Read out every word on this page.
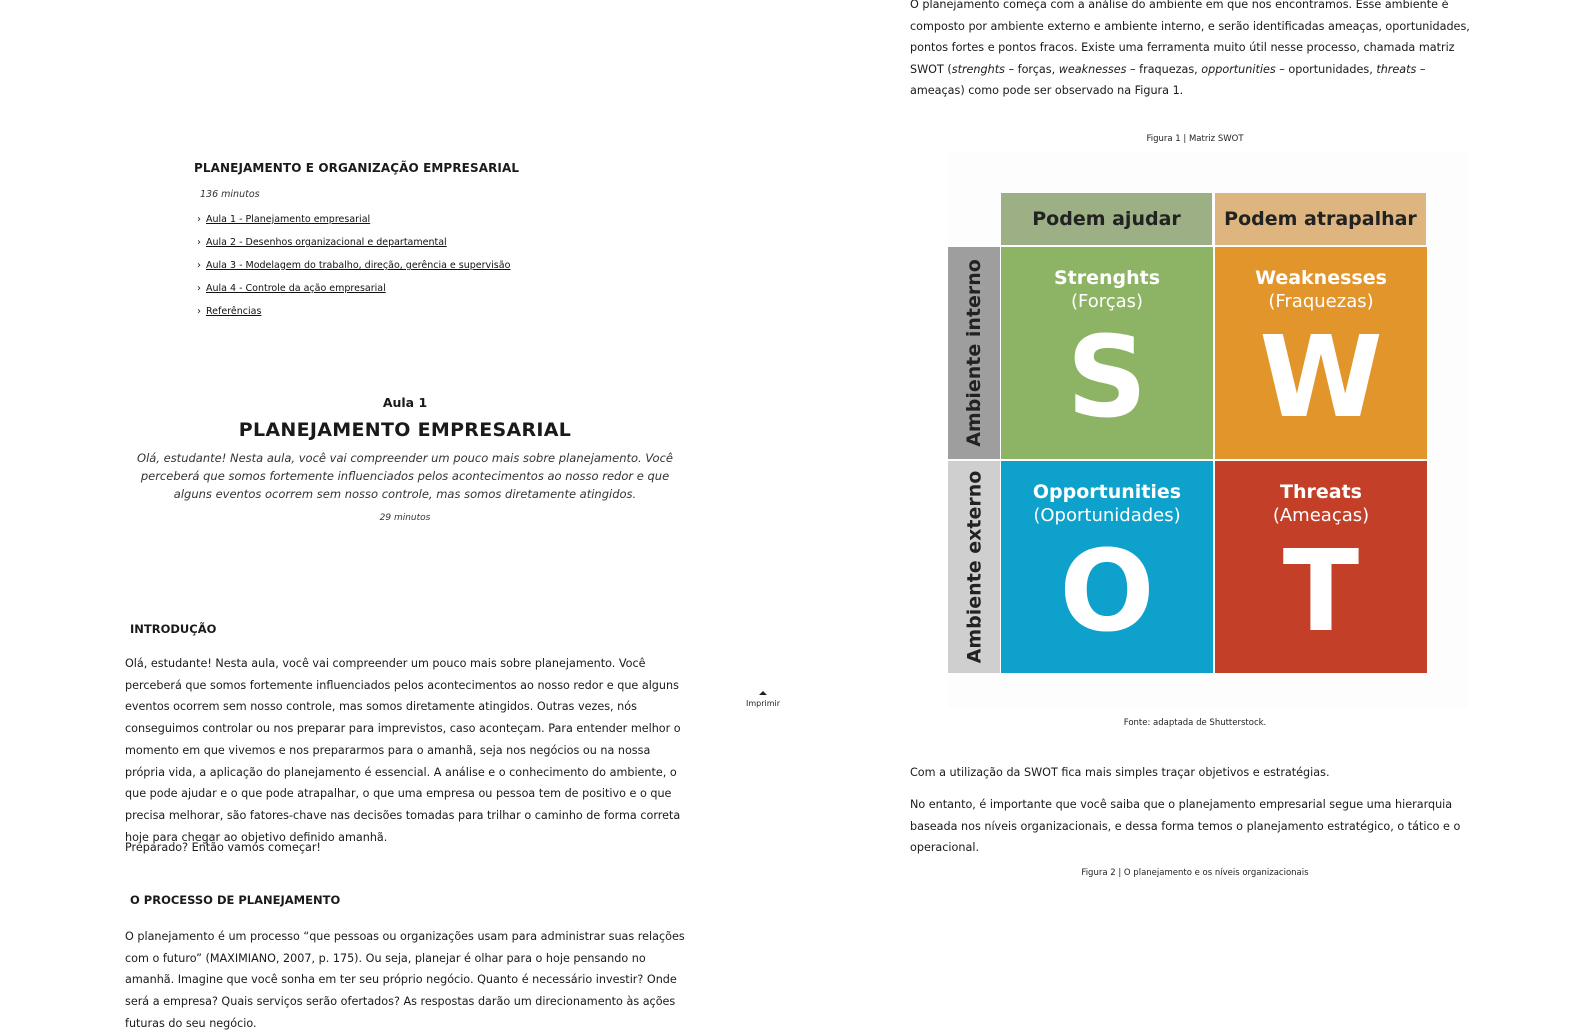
PLANEJAMENTO E ORGANIZAÇÃO EMPRESARIAL
136 minutos
› Aula 1 - Planejamento empresarial
› Aula 2 - Desenhos organizacional e departamental
› Aula 3 - Modelagem do trabalho, direção, gerência e supervisão
› Aula 4 - Controle da ação empresarial
› Referências
Aula 1
PLANEJAMENTO EMPRESARIAL

Olá, estudante! Nesta aula, você vai compreender um pouco mais sobre planejamento. Você perceberá que somos fortemente influenciados pelos acontecimentos ao nosso redor e que alguns eventos ocorrem sem nosso controle, mas somos diretamente atingidos.

29 minutos
INTRODUÇÃO

Olá, estudante! Nesta aula, você vai compreender um pouco mais sobre planejamento. Você perceberá que somos fortemente influenciados pelos acontecimentos ao nosso redor e que alguns eventos ocorrem sem nosso controle, mas somos diretamente atingidos. Outras vezes, nós conseguimos controlar ou nos preparar para imprevistos, caso aconteçam. Para entender melhor o momento em que vivemos e nos prepararmos para o amanhã, seja nos negócios ou na nossa própria vida, a aplicação do planejamento é essencial. A análise e o conhecimento do ambiente, o que pode ajudar e o que pode atrapalhar, o que uma empresa ou pessoa tem de positivo e o que precisa melhorar, são fatores-chave nas decisões tomadas para trilhar o caminho de forma correta hoje para chegar ao objetivo definido amanhã.

Preparado? Então vamos começar!

O PROCESSO DE PLANEJAMENTO

O planejamento é um processo “que pessoas ou organizações usam para administrar suas relações com o futuro” (MAXIMIANO, 2007, p. 175). Ou seja, planejar é olhar para o hoje pensando no amanhã. Imagine que você sonha em ter seu próprio negócio. Quanto é necessário investir? Onde será a empresa? Quais serviços serão ofertados? As respostas darão um direcionamento às ações futuras do seu negócio.

Imprimir

O planejamento começa com a análise do ambiente em que nos encontramos. Esse ambiente é composto por ambiente externo e ambiente interno, e serão identificadas ameaças, oportunidades, pontos fortes e pontos fracos. Existe uma ferramenta muito útil nesse processo, chamada matriz SWOT (strenghts – forças, weaknesses – fraquezas, opportunities – oportunidades, threats – ameaças) como pode ser observado na Figura 1.

Figura 1 | Matriz SWOT
Podem ajudar	Podem atrapalhar
Ambiente interno
Ambiente externo
Strenghts
(Forças)
S
Weaknesses
(Fraquezas)
W
Opportunities
(Oportunidades)
O
Threats
(Ameaças)
T
Fonte: adaptada de Shutterstock.

Com a utilização da SWOT fica mais simples traçar objetivos e estratégias.

No entanto, é importante que você saiba que o planejamento empresarial segue uma hierarquia baseada nos níveis organizacionais, e dessa forma temos o planejamento estratégico, o tático e o operacional.

Figura 2 | O planejamento e os níveis organizacionais
